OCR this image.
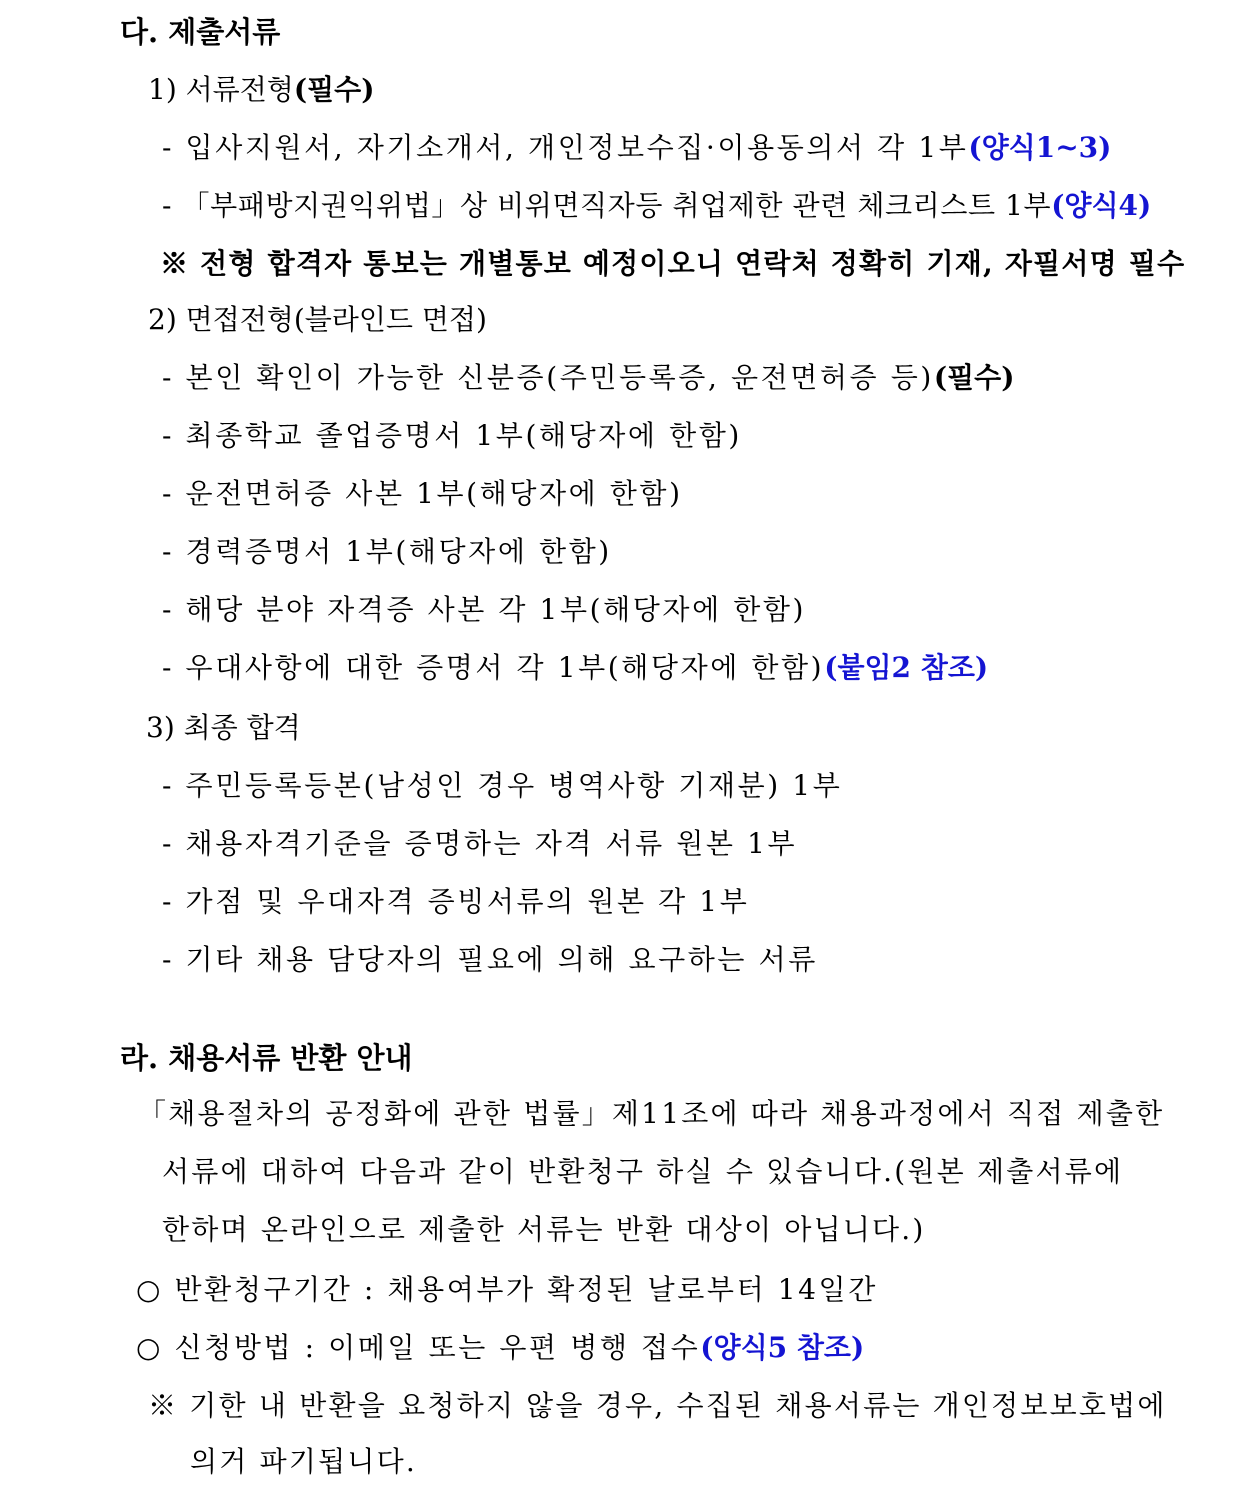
다. 제출서류
1) 서류전형(필수)
- 입사지원서, 자기소개서, 개인정보수집·이용동의서 각 1부(양식1~3)
- 「부패방지권익위법」상 비위면직자등 취업제한 관련 체크리스트 1부(양식4)
※ 전형 합격자 통보는 개별통보 예정이오니 연락처 정확히 기재, 자필서명 필수
2) 면접전형(블라인드 면접)
- 본인 확인이 가능한 신분증(주민등록증, 운전면허증 등)(필수)
- 최종학교 졸업증명서 1부(해당자에 한함)
- 운전면허증 사본 1부(해당자에 한함)
- 경력증명서 1부(해당자에 한함)
- 해당 분야 자격증 사본 각 1부(해당자에 한함)
- 우대사항에 대한 증명서 각 1부(해당자에 한함)(붙임2 참조)
3) 최종 합격
- 주민등록등본(남성인 경우 병역사항 기재분) 1부
- 채용자격기준을 증명하는 자격 서류 원본 1부
- 가점 및 우대자격 증빙서류의 원본 각 1부
- 기타 채용 담당자의 필요에 의해 요구하는 서류
라. 채용서류 반환 안내
「채용절차의 공정화에 관한 법률」제11조에 따라 채용과정에서 직접 제출한
서류에 대하여 다음과 같이 반환청구 하실 수 있습니다.(원본 제출서류에
한하며 온라인으로 제출한 서류는 반환 대상이 아닙니다.)
○ 반환청구기간 : 채용여부가 확정된 날로부터 14일간
○ 신청방법 : 이메일 또는 우편 병행 접수(양식5 참조)
※ 기한 내 반환을 요청하지 않을 경우, 수집된 채용서류는 개인정보보호법에
의거 파기됩니다.
